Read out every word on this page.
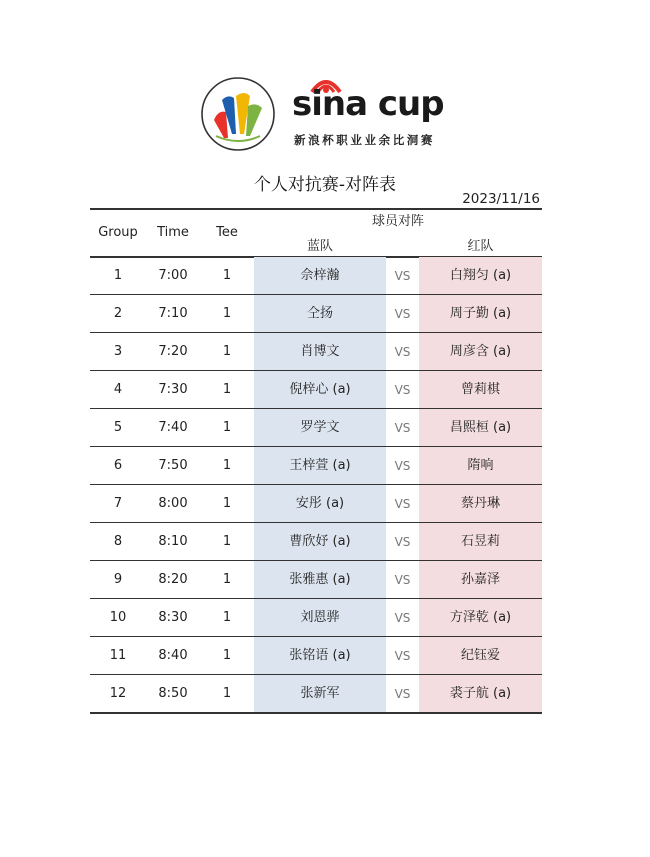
sina cup
新浪杯职业业余比洞赛
个人对抗赛-对阵表
2023/11/16
Group	Time	Tee
球员对阵
蓝队	红队
1	7:00	1	佘梓瀚	VS	白翔匀 (a)
2	7:10	1	仝扬	VS	周子勤 (a)
3	7:20	1	肖博文	VS	周彦含 (a)
4	7:30	1	倪梓心 (a)	VS	曾莉棋
5	7:40	1	罗学文	VS	昌熙桓 (a)
6	7:50	1	王梓萱 (a)	VS	隋响
7	8:00	1	安彤 (a)	VS	蔡丹琳
8	8:10	1	曹欣妤 (a)	VS	石昱莉
9	8:20	1	张雅惠 (a)	VS	孙嘉泽
10	8:30	1	刘恩骅	VS	方泽乾 (a)
11	8:40	1	张铭语 (a)	VS	纪钰爱
12	8:50	1	张新军	VS	裘子航 (a)
